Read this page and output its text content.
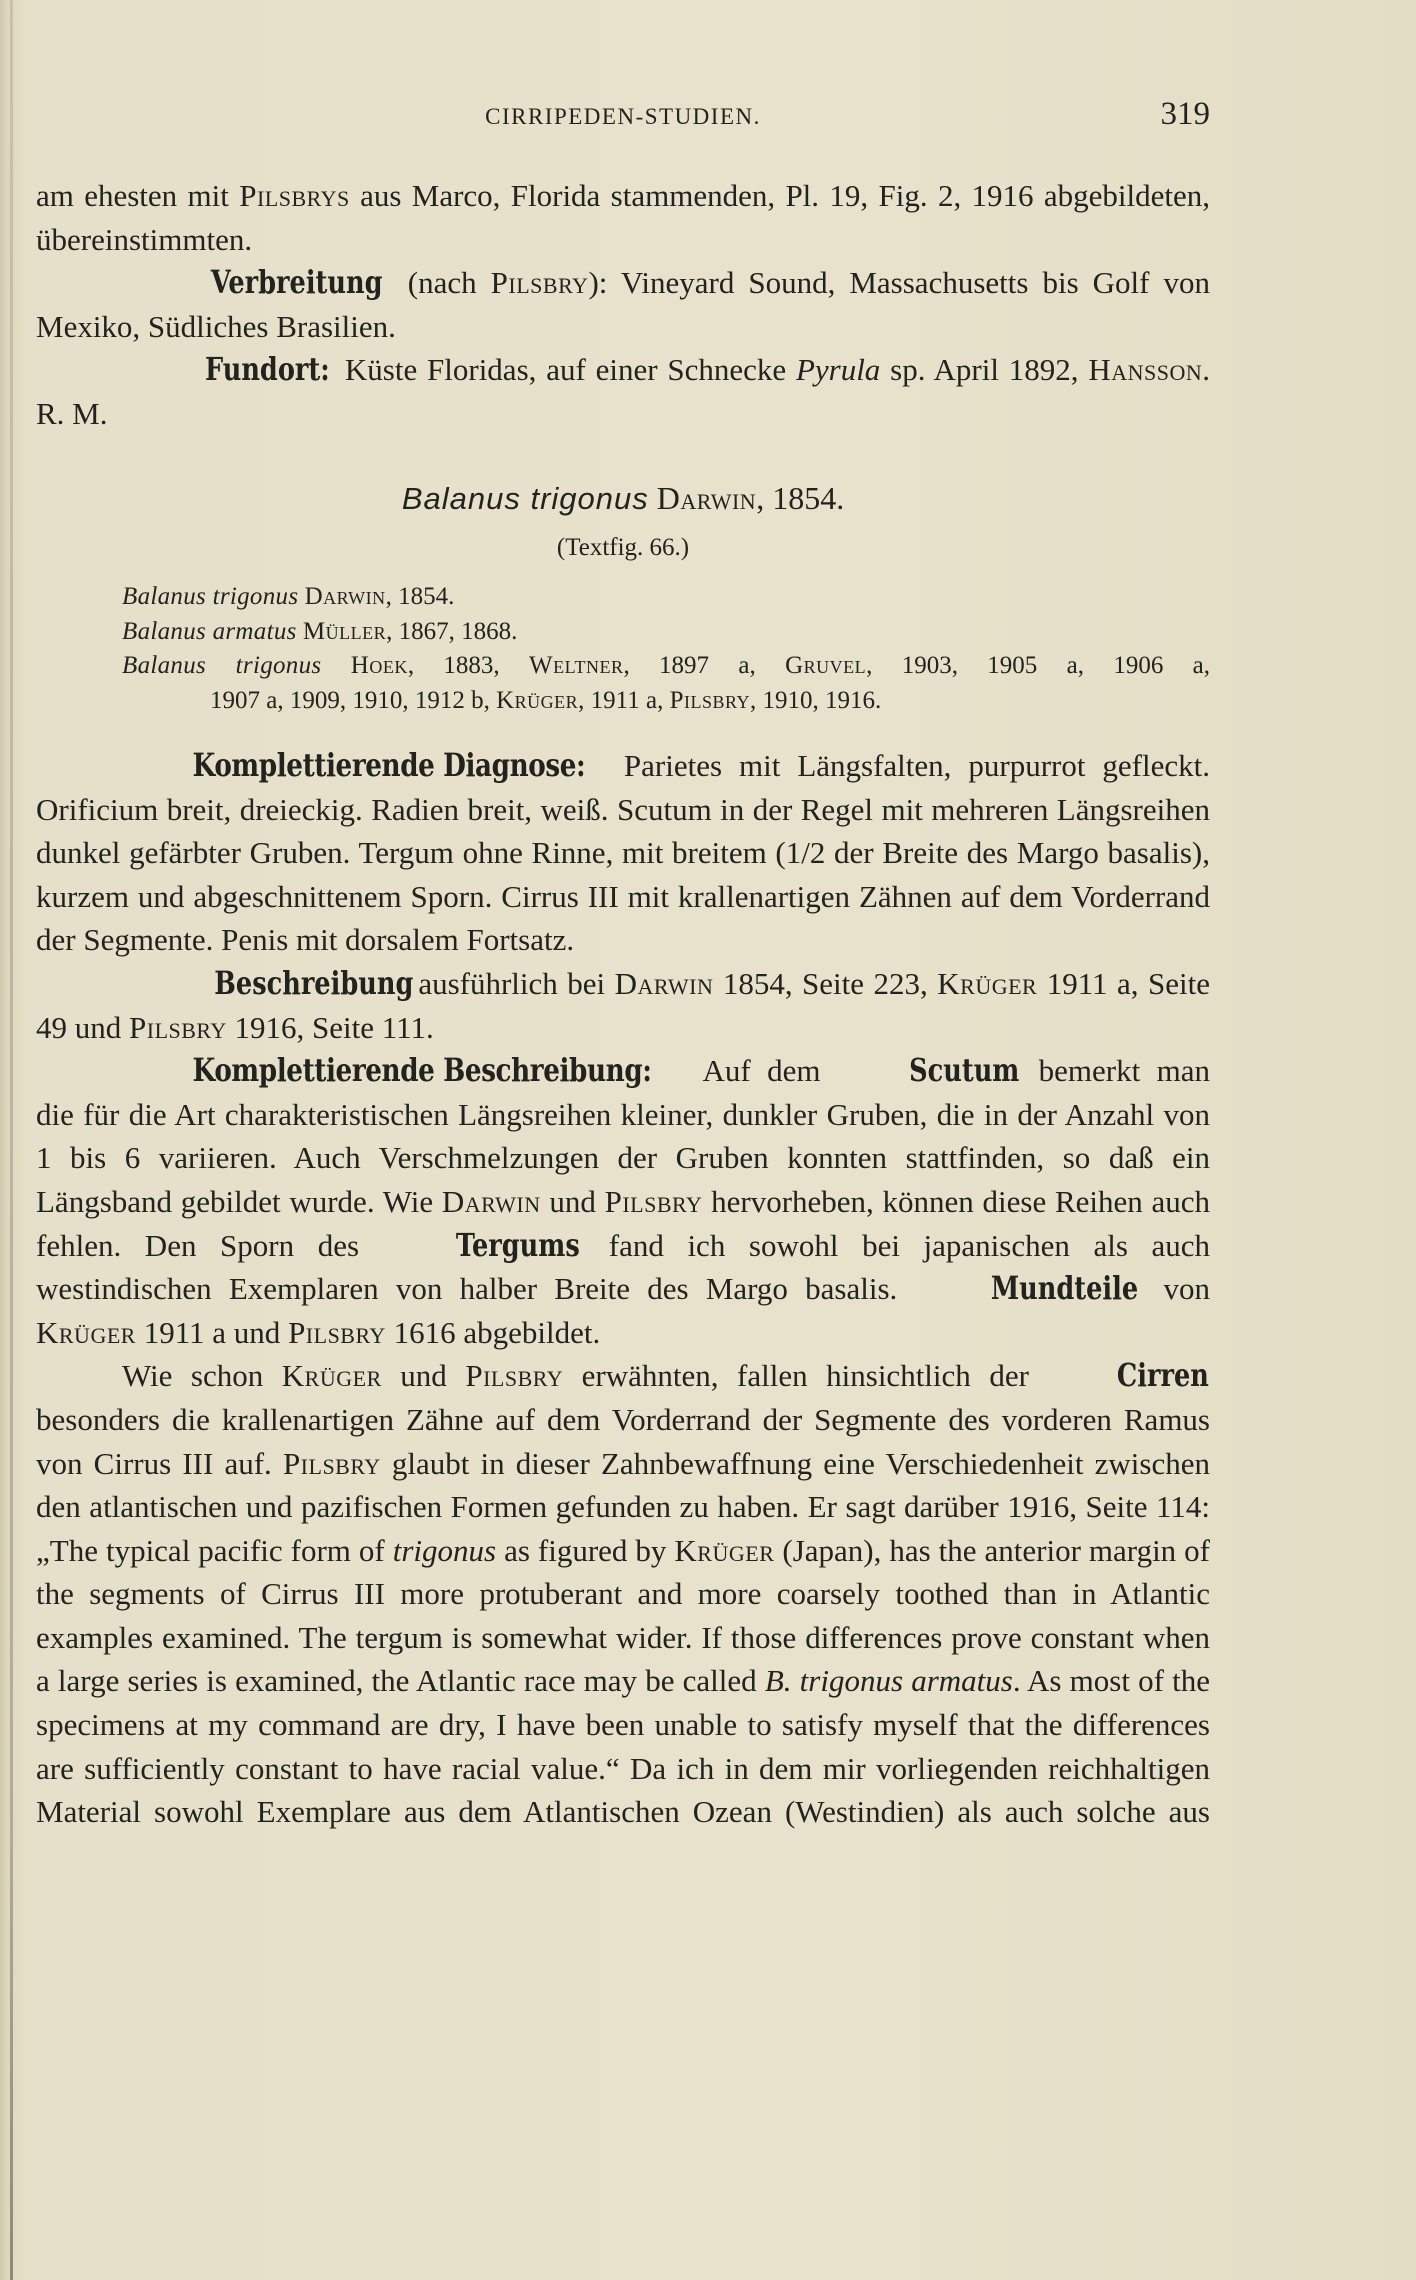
CIRRIPEDEN-STUDIEN.	319

am ehesten mit Pilsbrys aus Marco, Florida stammenden, Pl. 19, Fig. 2, 1916 abgebildeten, übereinstimmten.

Verbreitung (nach Pilsbry): Vineyard Sound, Massachusetts bis Golf von Mexiko, Südliches Brasilien.

Fundort: Küste Floridas, auf einer Schnecke Pyrula sp. April 1892, Hansson. R. M.

Balanus trigonus Darwin, 1854.
(Textfig. 66.)

Balanus trigonus Darwin, 1854.

Balanus armatus Müller, 1867, 1868.

Balanus trigonus Hoek, 1883, Weltner, 1897 a, Gruvel, 1903, 1905 a, 1906 a,

1907 a, 1909, 1910, 1912 b, Krüger, 1911 a, Pilsbry, 1910, 1916.

Komplettierende Diagnose: Parietes mit Längsfalten, purpurrot gefleckt. Orificium breit, dreieckig. Radien breit, weiß. Scutum in der Regel mit mehreren Längsreihen dunkel gefärbter Gruben. Tergum ohne Rinne, mit breitem (1/2 der Breite des Margo basalis), kurzem und abgeschnittenem Sporn. Cirrus III mit krallenartigen Zähnen auf dem Vorderrand der Segmente. Penis mit dorsalem Fortsatz.

Beschreibung ausführlich bei Darwin 1854, Seite 223, Krüger 1911 a, Seite 49 und Pilsbry 1916, Seite 111.

Komplettierende Beschreibung: Auf dem	Scutum bemerkt man die für die Art charakteristischen Längsreihen kleiner, dunkler Gruben, die in der Anzahl von 1 bis 6 variieren. Auch Verschmelzungen der Gruben konnten stattfinden, so daß ein Längsband gebildet wurde. Wie Darwin und Pilsbry hervorheben, können diese Reihen auch fehlen. Den Sporn des	Tergums fand ich sowohl bei japanischen als auch westindischen Exemplaren von halber Breite des Margo basalis.	Mundteile von Krüger 1911 a und Pilsbry 1616 abgebildet.

Wie schon Krüger und Pilsbry erwähnten, fallen hinsichtlich der	Cirren besonders die krallenartigen Zähne auf dem Vorderrand der Segmente des vorderen Ramus von Cirrus III auf. Pilsbry glaubt in dieser Zahnbewaffnung eine Verschiedenheit zwischen den atlantischen und pazifischen Formen gefunden zu haben. Er sagt darüber 1916, Seite 114: „The typical pacific form of trigonus as figured by Krüger (Japan), has the anterior margin of the segments of Cirrus III more protuberant and more coarsely toothed than in Atlantic examples examined. The tergum is somewhat wider. If those differences prove constant when a large series is examined, the Atlantic race may be called B. trigonus armatus. As most of the specimens at my command are dry, I have been unable to satisfy myself that the differences are sufficiently constant to have racial value.“ Da ich in dem mir vorliegenden reichhaltigen Material sowohl Exemplare aus dem Atlantischen Ozean (Westindien) als auch solche aus
